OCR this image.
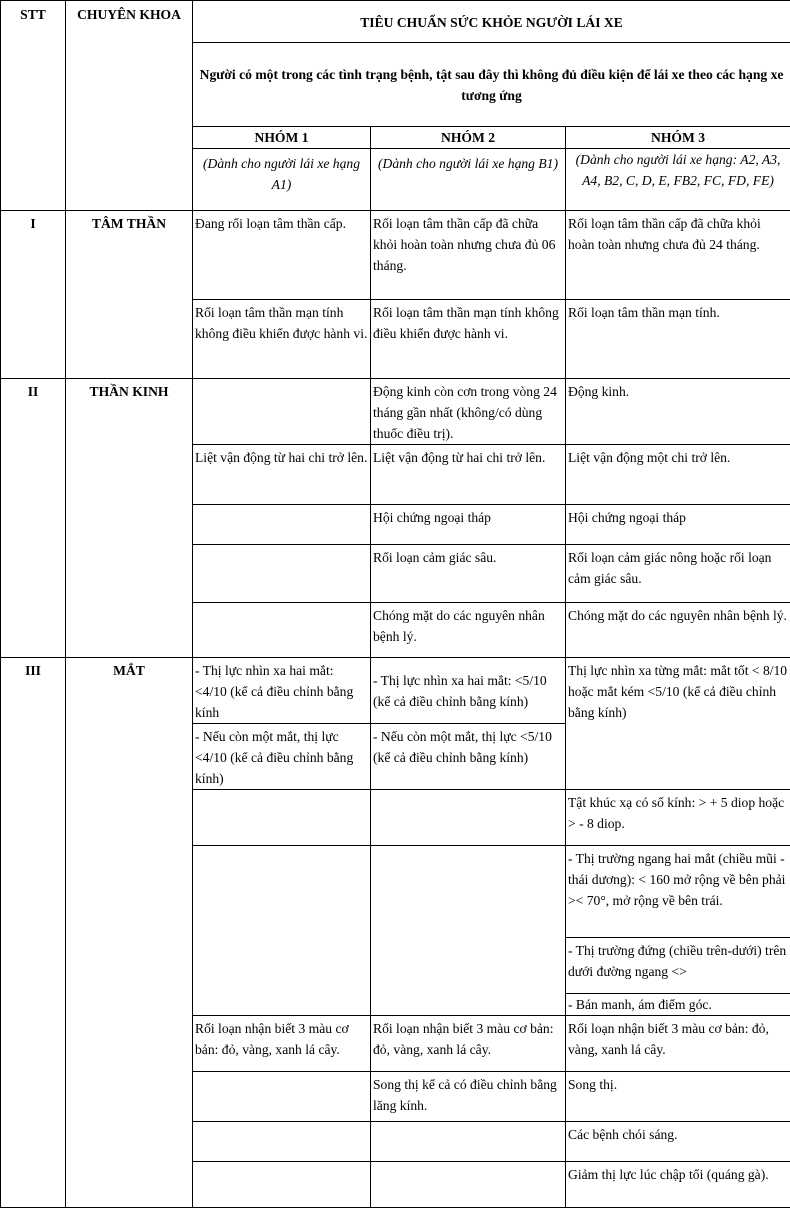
STT	CHUYÊN KHOA	TIÊU CHUẨN SỨC KHỎE NGƯỜI LÁI XE		
		Người có một trong các tình trạng bệnh, tật sau đây thì không đủ điều kiện để lái xe theo các hạng xe tương ứng		
		NHÓM 1	NHÓM 2	NHÓM 3
		(Dành cho người lái xe hạng A1)	(Dành cho người lái xe hạng B1)	(Dành cho người lái xe hạng: A2, A3, A4, B2, C, D, E, FB2, FC, FD, FE)
I	TÂM THẦN	Đang rối loạn tâm thần cấp.	Rối loạn tâm thần cấp đã chữa khỏi hoàn toàn nhưng chưa đủ 06 tháng.	Rối loạn tâm thần cấp đã chữa khỏi hoàn toàn nhưng chưa đủ 24 tháng.
		Rối loạn tâm thần mạn tính không điều khiển được hành vi.	Rối loạn tâm thần mạn tính không điều khiển được hành vi.	Rối loạn tâm thần mạn tính.
II	THẦN KINH		Động kinh còn cơn trong vòng 24 tháng gần nhất (không/có dùng thuốc điều trị).	Động kinh.
		Liệt vận động từ hai chi trở lên.	Liệt vận động từ hai chi trở lên.	Liệt vận động một chi trở lên.
			Hội chứng ngoại tháp	Hội chứng ngoại tháp
			Rối loạn cảm giác sâu.	Rối loạn cảm giác nông hoặc rối loạn cảm giác sâu.
			Chóng mặt do các nguyên nhân bệnh lý.	Chóng mặt do các nguyên nhân bệnh lý.
III	MẮT	- Thị lực nhìn xa hai mắt: <4/10 (kể cả điều chỉnh bằng kính	- Thị lực nhìn xa hai mắt: <5/10 (kể cả điều chỉnh bằng kính)	Thị lực nhìn xa từng mắt: mắt tốt < 8/10 hoặc mắt kém <5/10 (kể cả điều chỉnh bằng kính)
		- Nếu còn một mắt, thị lực <4/10 (kể cả điều chỉnh bằng kính)	- Nếu còn một mắt, thị lực <5/10 (kể cả điều chỉnh bằng kính)	
				Tật khúc xạ có số kính: > + 5 diop hoặc > - 8 diop.
				- Thị trường ngang hai mắt (chiều mũi - thái dương): < 160 mở rộng về bên phải >< 70°, mở rộng về bên trái.
				- Thị trường đứng (chiều trên-dưới) trên dưới đường ngang <>
				- Bán manh, ám điểm góc.
		Rối loạn nhận biết 3 màu cơ bản: đỏ, vàng, xanh lá cây.	Rối loạn nhận biết 3 màu cơ bản: đỏ, vàng, xanh lá cây.	Rối loạn nhận biết 3 màu cơ bản: đỏ, vàng, xanh lá cây.
			Song thị kể cả có điều chỉnh bằng lăng kính.	Song thị.
				Các bệnh chói sáng.
				Giảm thị lực lúc chập tối (quáng gà).
